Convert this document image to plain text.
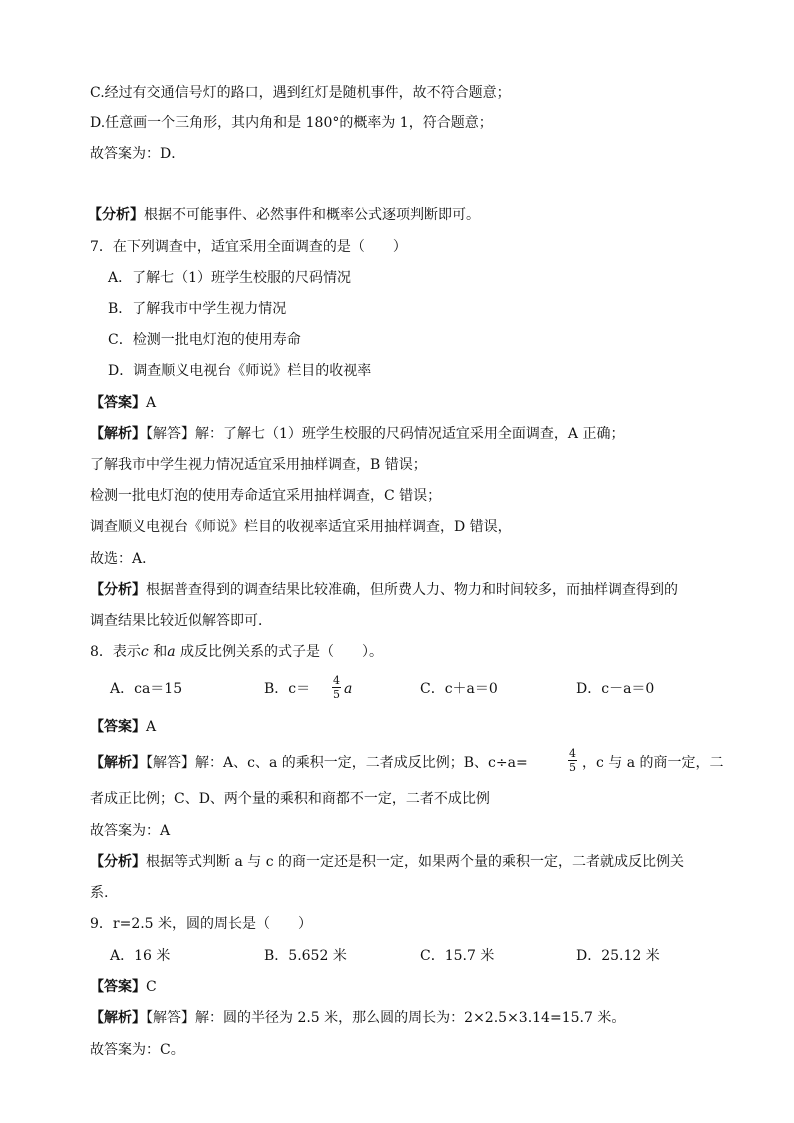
C.经过有交通信号灯的路口，遇到红灯是随机事件，故不符合题意；
D.任意画一个三角形，其内角和是 180°的概率为 1，符合题意；
故答案为：D．
【分析】根据不可能事件、必然事件和概率公式逐项判断即可。
7．在下列调查中，适宜采用全面调查的是（　　）
A．了解七（1）班学生校服的尺码情况
B．了解我市中学生视力情况
C．检测一批电灯泡的使用寿命
D．调查顺义电视台《师说》栏目的收视率
【答案】A
【解析】【解答】解：了解七（1）班学生校服的尺码情况适宜采用全面调查，A 正确；
了解我市中学生视力情况适宜采用抽样调查，B 错误；
检测一批电灯泡的使用寿命适宜采用抽样调查，C 错误；
调查顺义电视台《师说》栏目的收视率适宜采用抽样调查，D 错误，
故选：A．
【分析】根据普查得到的调查结果比较准确，但所费人力、物力和时间较多，而抽样调查得到的
调查结果比较近似解答即可．
8．表示c 和a 成反比例关系的式子是（　　）。
A．ca＝15	B．$c= \frac{4}{5}$ a	C．c＋a＝0	D．c－a＝0
【答案】A
【解析】【解答】解：A、c、a 的乘积一定，二者成反比例；B、c÷a=	$\frac{4}{5}$ ，c 与 a 的商一定，二
者成正比例；C、D、两个量的乘积和商都不一定，二者不成比例
故答案为：A
【分析】根据等式判断 a 与 c 的商一定还是积一定，如果两个量的乘积一定，二者就成反比例关
系.
9．r=2.5 米，圆的周长是（　　）
A．16 米	B．5.652 米	C．15.7 米	D．25.12 米
【答案】C
【解析】【解答】解：圆的半径为 2.5 米，那么圆的周长为：2×2.5×3.14=15.7 米。
故答案为：C。
